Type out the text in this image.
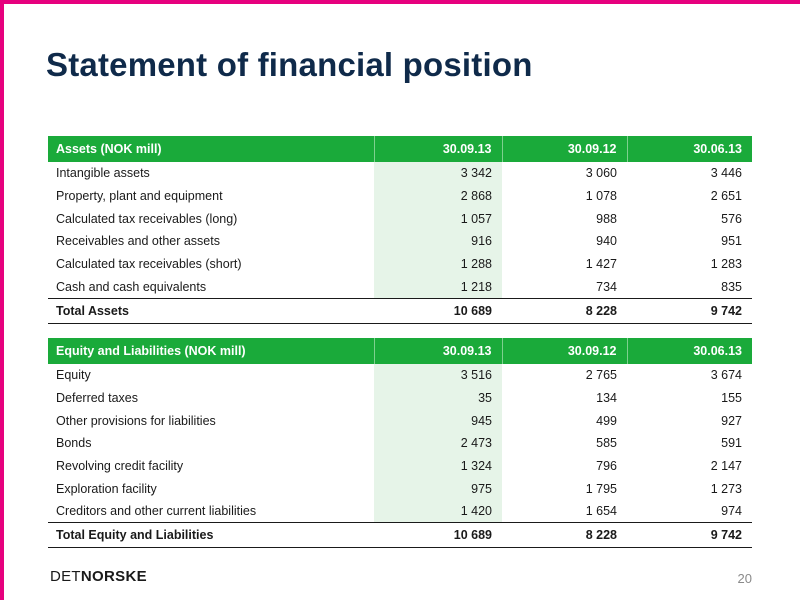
Statement of financial position
Assets (NOK mill)	30.09.13	30.09.12	30.06.13
Intangible assets	3 342	3 060	3 446
Property, plant and equipment	2 868	1 078	2 651
Calculated tax receivables (long)	1 057	988	576
Receivables and other assets	916	940	951
Calculated tax receivables (short)	1 288	1 427	1 283
Cash and cash equivalents	1 218	734	835
Total Assets	10 689	8 228	9 742
Equity and Liabilities (NOK mill)	30.09.13	30.09.12	30.06.13
Equity	3 516	2 765	3 674
Deferred taxes	35	134	155
Other provisions for liabilities	945	499	927
Bonds	2 473	585	591
Revolving credit facility	1 324	796	2 147
Exploration facility	975	1 795	1 273
Creditors and other current liabilities	1 420	1 654	974
Total Equity and Liabilities	10 689	8 228	9 742
DETNORSKE	20
